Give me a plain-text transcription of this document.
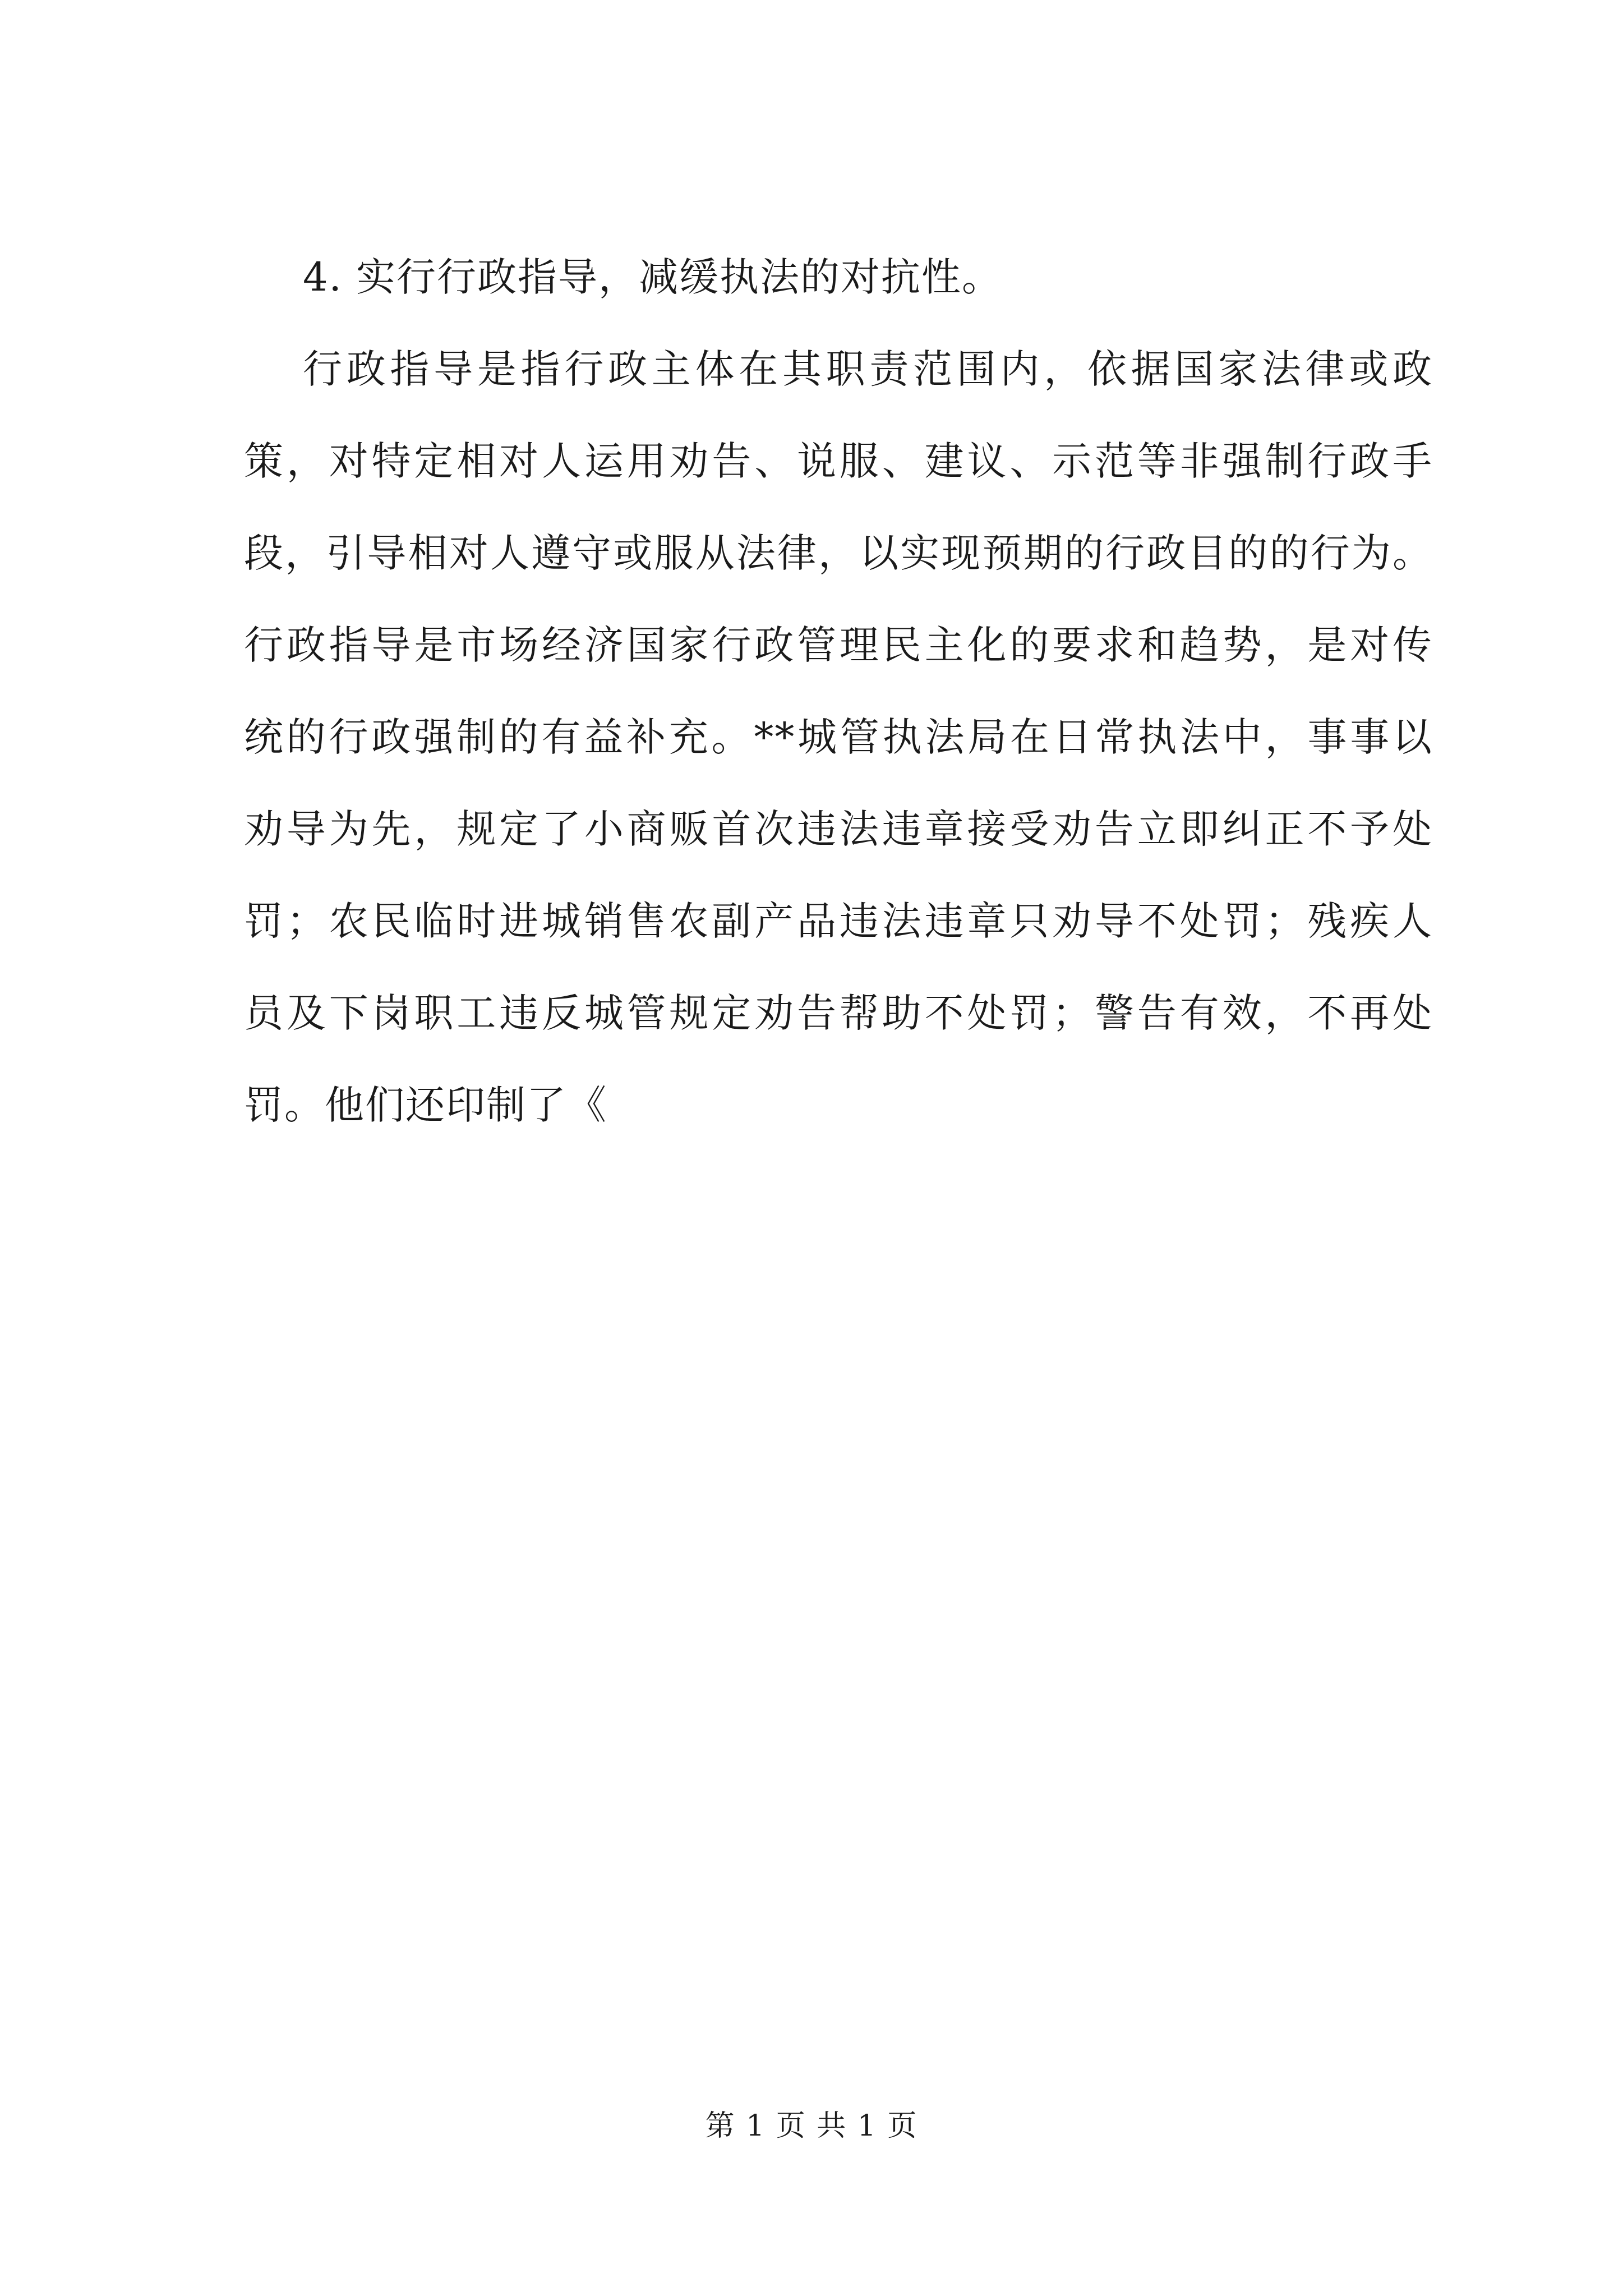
4. 实行行政指导，减缓执法的对抗性。
行政指导是指行政主体在其职责范围内，依据国家法律或政
策，对特定相对人运用劝告、说服、建议、示范等非强制行政手
段，引导相对人遵守或服从法律，以实现预期的行政目的的行为。
行政指导是市场经济国家行政管理民主化的要求和趋势，是对传
统的行政强制的有益补充。**城管执法局在日常执法中，事事以
劝导为先，规定了小商贩首次违法违章接受劝告立即纠正不予处
罚；农民临时进城销售农副产品违法违章只劝导不处罚；残疾人
员及下岗职工违反城管规定劝告帮助不处罚；警告有效，不再处
罚。他们还印制了《
第 1 页 共 1 页
